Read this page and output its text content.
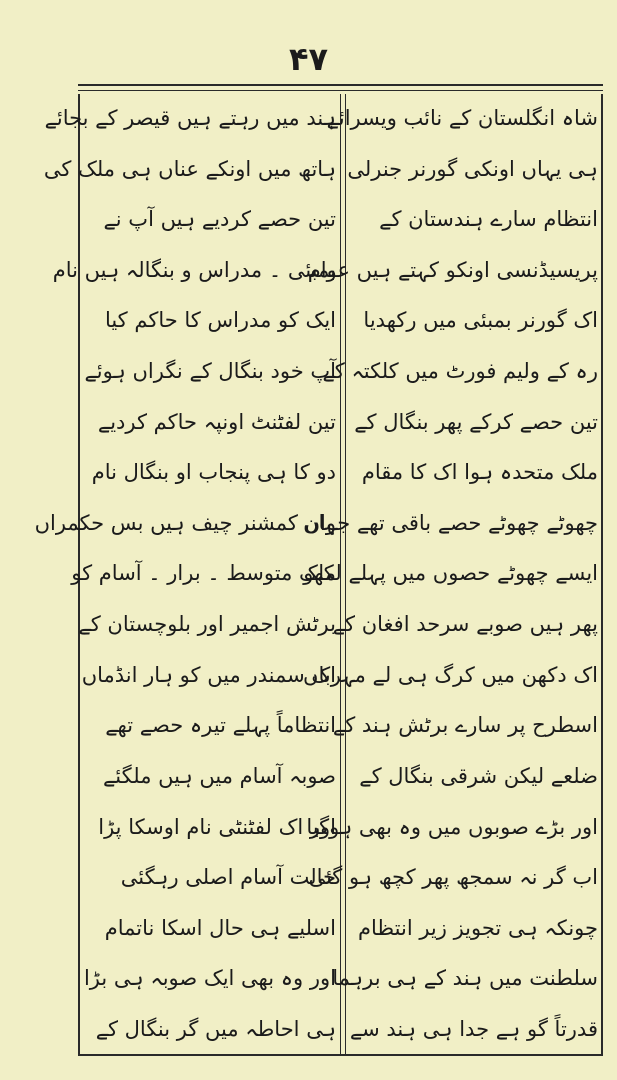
۴۷
شاہ انگلستان کے نائب ویسرائے
ہی یہاں اونکی گورنر جنرلی
انتظام سارے ہندستان کے
پریسیڈنسی اونکو کہتے ہیں عوام
اک گورنر بمبئی میں رکھدیا
رہ کے ولیم فورٹ میں کلکتہ کے
تین حصے کرکے پھر بنگال کے
ملک متحدہ ہوا اک کا مقام
چھوٹے چھوٹے حصے باقی تھے جہاں
ایسے چھوٹے حصوں میں پہلے لکھو
پھر ہیں صوبے سرحد افغان کے
اک دکھن میں کرگ ہی لے مہرباں
اسطرح پر سارے برٹش ہند کے
ضلعے لیکن شرقی بنگال کے
اور بڑے صوبوں میں وہ بھی ہوگیا
اب گر نہ سمجھ پھر کچھ ہو گئی
چونکہ ہی تجویز زیر انتظام
سلطنت میں ہند کے ہی برہما
قدرتاً گو ہے جدا ہی ہند سے
ہند میں رہتے ہیں قیصر کے بجائے
ہاتھ میں اونکے عناں ہی ملک کی
تین حصے کردیے ہیں آپ نے
بمبئی ۔ مدراس و بنگالہ ہیں نام
ایک کو مدراس کا حاکم کیا
آپ خود بنگال کے نگراں ہوئے
تین لفٹنٹ اونپہ حاکم کردیے
دو کا ہی پنجاب او بنگال نام
وان کمشنر چیف ہیں بس حکمراں
ملک متوسط ۔ برار ۔ آسام کو
برٹش اجمیر اور بلوچستان کے
اک سمندر میں کو ہار انڈماں
انتظاماً پہلے تیرہ حصے تھے
صوبہ آسام میں ہیں ملگئے
اور اک لفٹنٹی نام اوسکا پڑا
حالت آسام اصلی رہگئی
اسلیے ہی حال اسکا ناتمام
اور وہ بھی ایک صوبہ ہی بڑا
ہی احاطہ میں گر بنگال کے
